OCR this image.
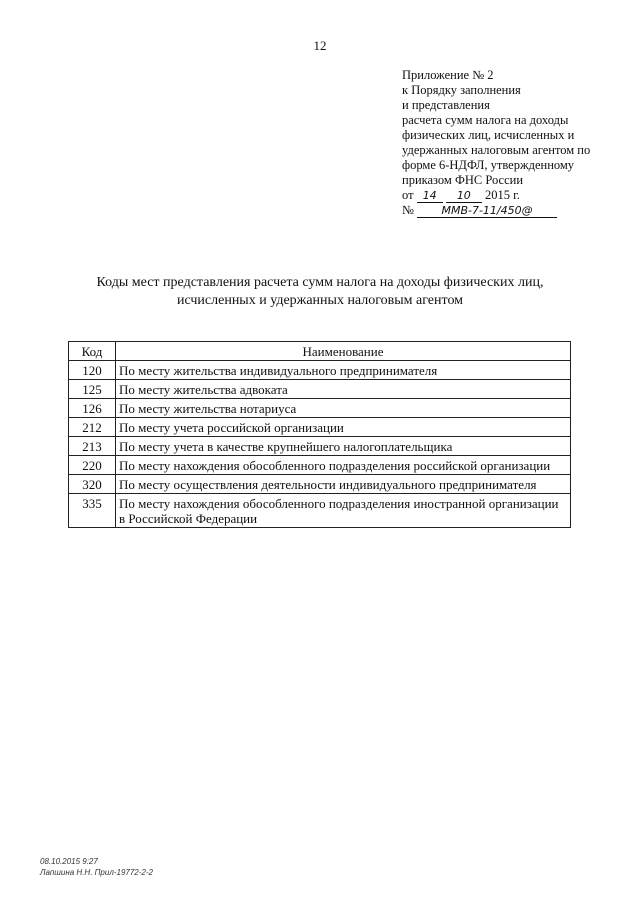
12
Приложение № 2
к Порядку заполнения
и представления
расчета сумм налога на доходы
физических лиц, исчисленных и
удержанных налоговым агентом по
форме 6-НДФЛ, утвержденному
приказом ФНС России
от 14 10 2015 г.
№	ММВ-7-11/450@
Коды мест представления расчета сумм налога на доходы физических лиц,
исчисленных и удержанных налоговым агентом
Код	Наименование
120	По месту жительства индивидуального предпринимателя
125	По месту жительства адвоката
126	По месту жительства нотариуса
212	По месту учета российской организации
213	По месту учета в качестве крупнейшего налогоплательщика
220	По месту нахождения обособленного подразделения российской организации
320	По месту осуществления деятельности индивидуального предпринимателя
335	По месту нахождения обособленного подразделения иностранной организации в Российской Федерации
08.10.2015 9:27
Лапшина Н.Н. Прил-19772-2-2
